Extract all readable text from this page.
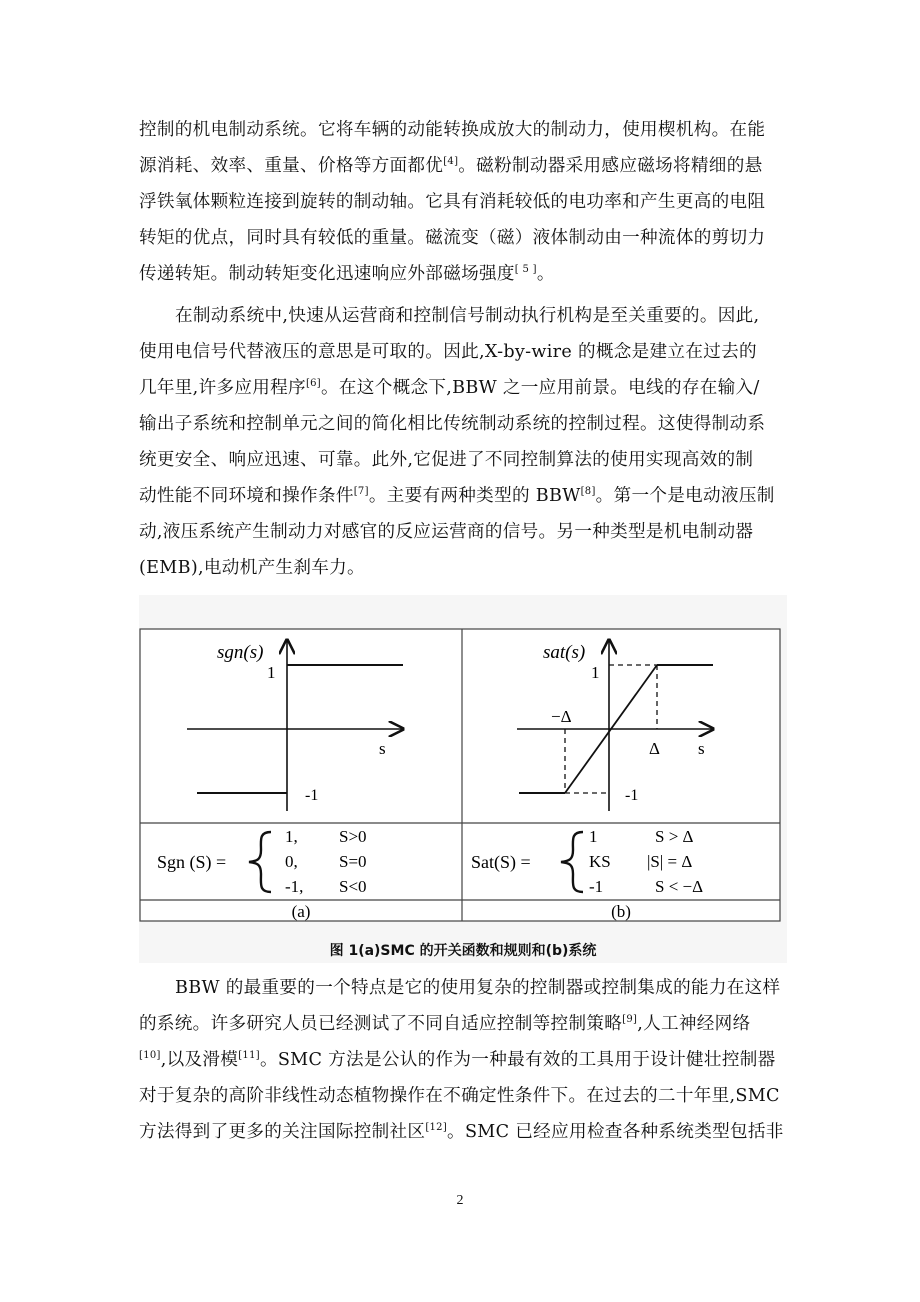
控制的机电制动系统。它将车辆的动能转换成放大的制动力，使用楔机构。在能
源消耗、效率、重量、价格等方面都优[4]。磁粉制动器采用感应磁场将精细的悬
浮铁氧体颗粒连接到旋转的制动轴。它具有消耗较低的电功率和产生更高的电阻
转矩的优点，同时具有较低的重量。磁流变（磁）液体制动由一种流体的剪切力
传递转矩。制动转矩变化迅速响应外部磁场强度[ 5 ]。
在制动系统中,快速从运营商和控制信号制动执行机构是至关重要的。因此,
使用电信号代替液压的意思是可取的。因此,X-by-wire 的概念是建立在过去的
几年里,许多应用程序[6]。在这个概念下,BBW 之一应用前景。电线的存在输入/
输出子系统和控制单元之间的简化相比传统制动系统的控制过程。这使得制动系
统更安全、响应迅速、可靠。此外,它促进了不同控制算法的使用实现高效的制
动性能不同环境和操作条件[7]。主要有两种类型的 BBW[8]。第一个是电动液压制
动,液压系统产生制动力对感官的反应运营商的信号。另一种类型是机电制动器
(EMB),电动机产生刹车力。
sgn(s)
1
s
-1
sat(s)
1
−Δ
Δ s
-1
Sgn (S) =
1, S>0
0, S=0
-1, S<0
Sat(S) =
1	S > Δ
KS |S| = Δ
-1	S < −Δ
(a)	(b)
图 1(a)SMC 的开关函数和规则和(b)系统
BBW 的最重要的一个特点是它的使用复杂的控制器或控制集成的能力在这样
的系统。许多研究人员已经测试了不同自适应控制等控制策略[9],人工神经网络
[10],以及滑模[11]。SMC 方法是公认的作为一种最有效的工具用于设计健壮控制器
对于复杂的高阶非线性动态植物操作在不确定性条件下。在过去的二十年里,SMC
方法得到了更多的关注国际控制社区[12]。SMC 已经应用检查各种系统类型包括非
2
